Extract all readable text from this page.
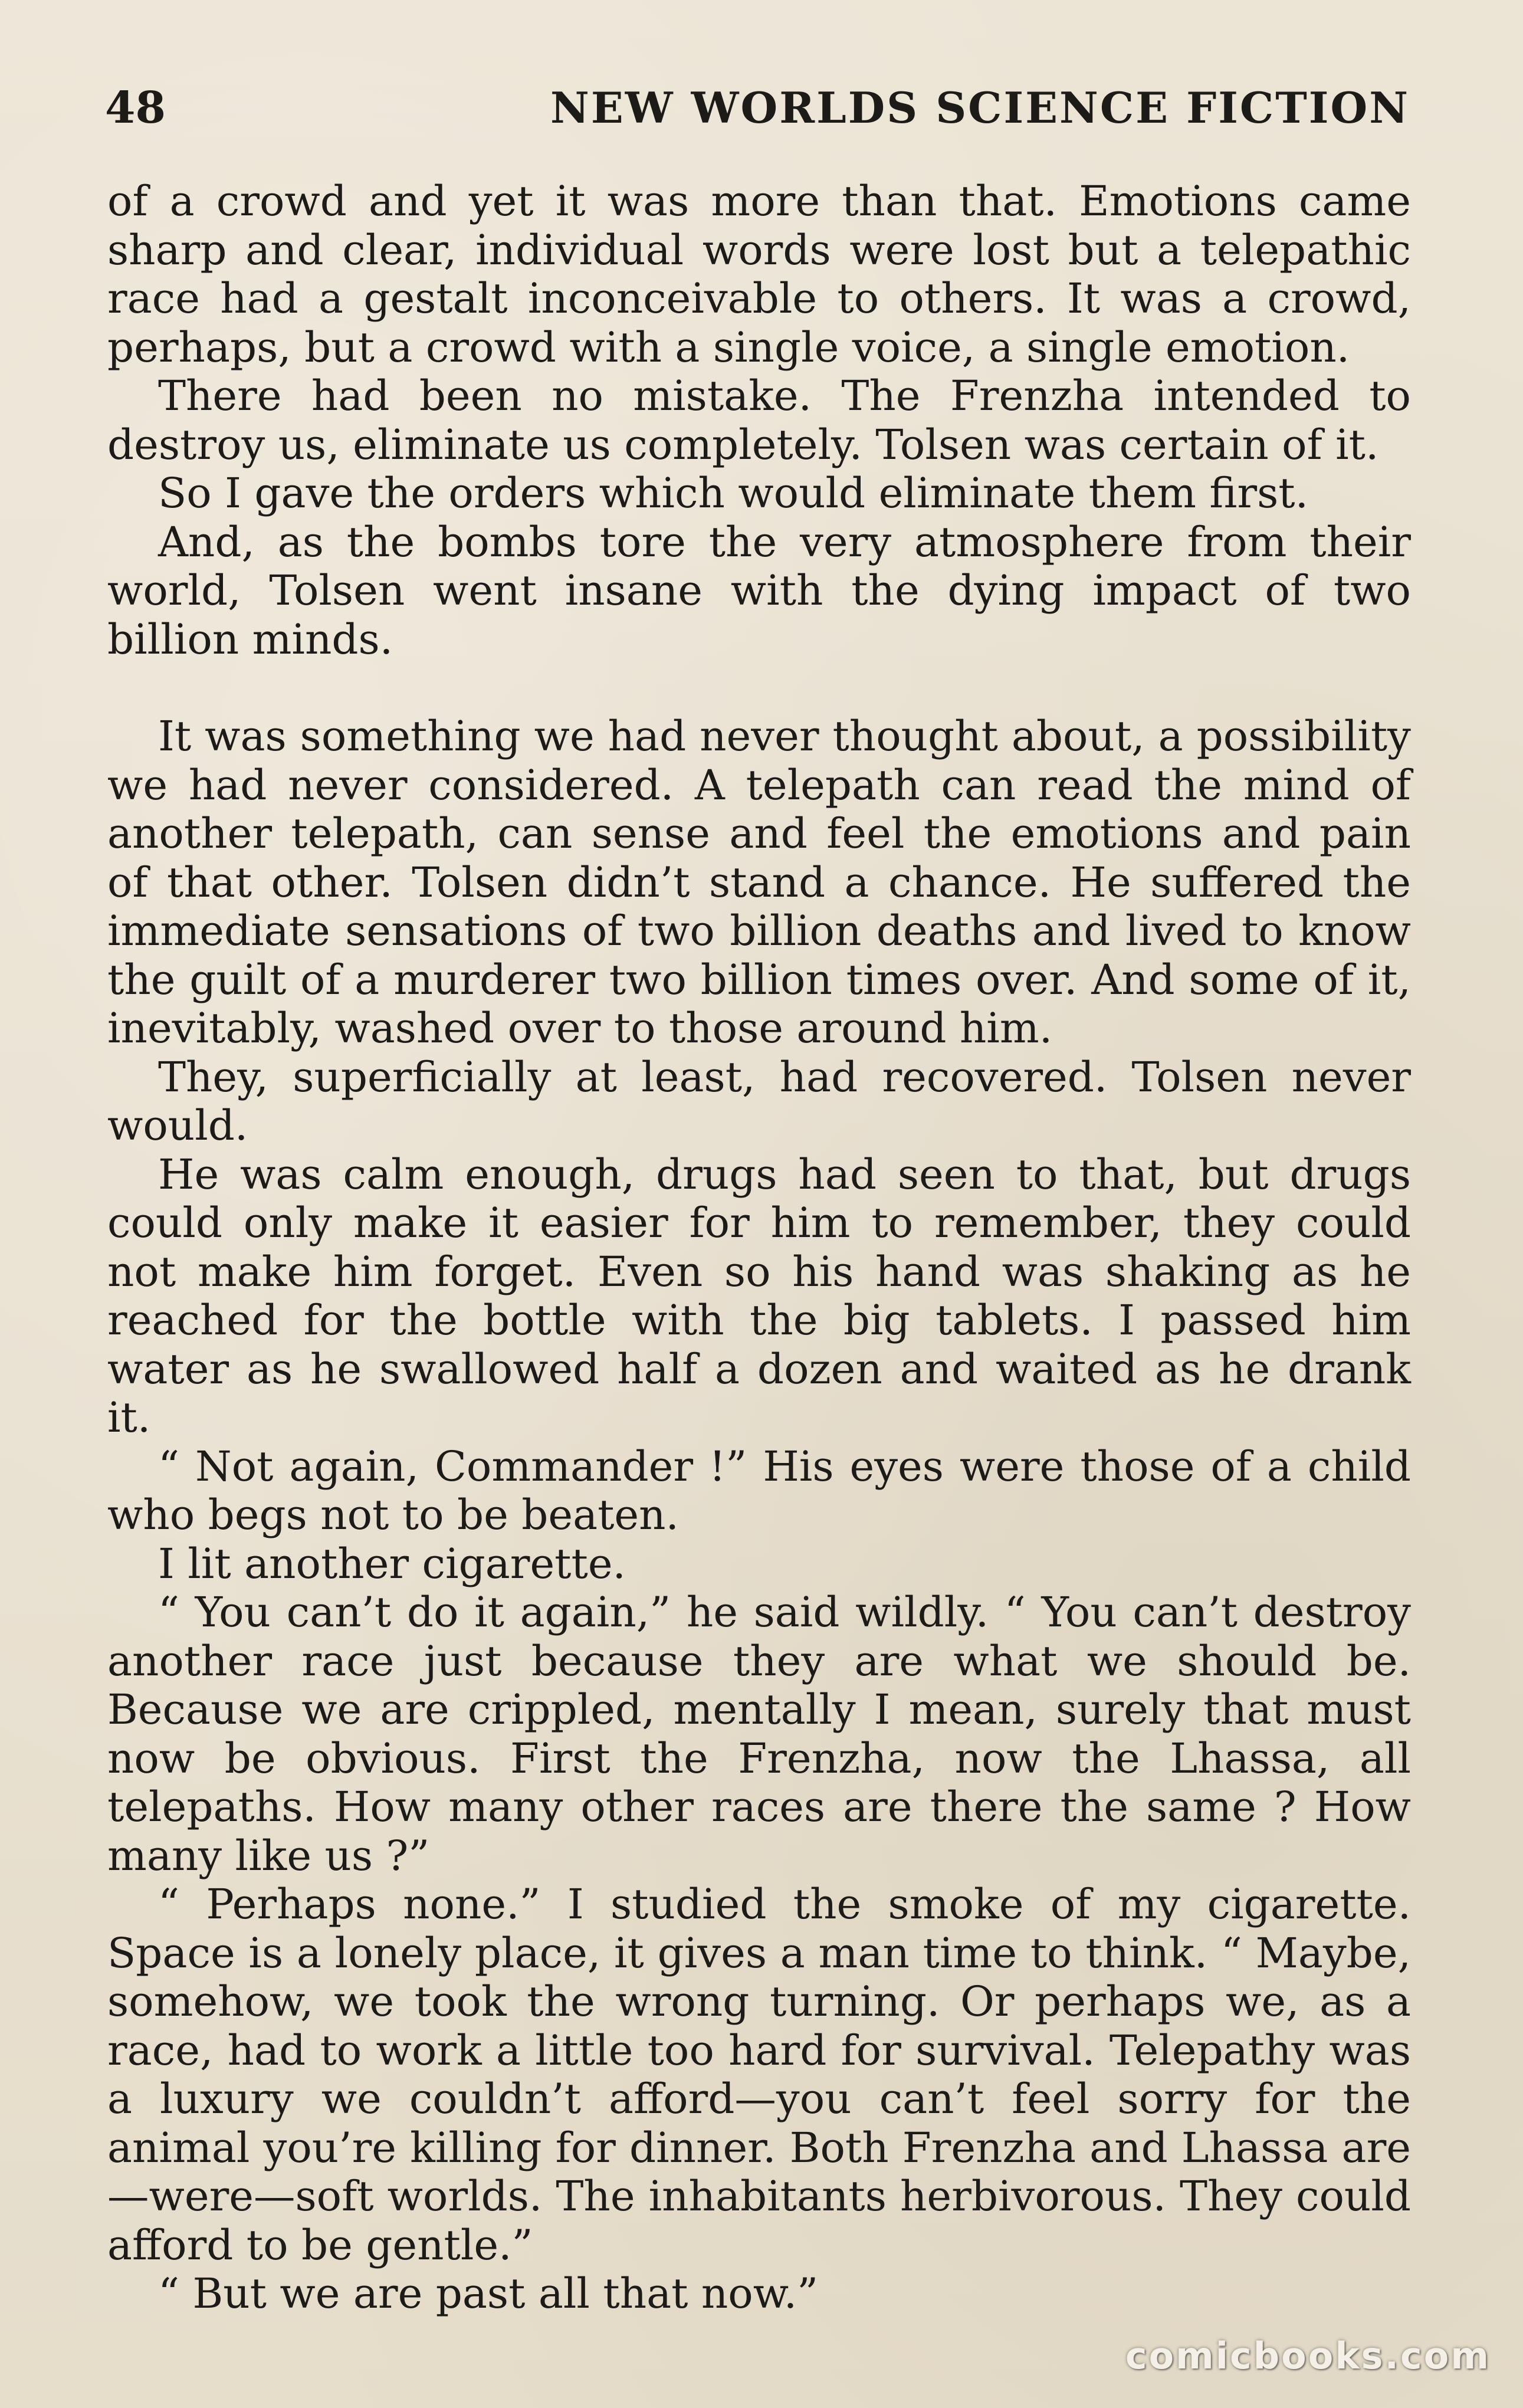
48	NEW WORLDS SCIENCE FICTION

of a crowd and yet it was more than that. Emotions came sharp and clear, individual words were lost but a telepathic race had a gestalt inconceivable to others. It was a crowd, perhaps, but a crowd with a single voice, a single emotion.

There had been no mistake. The Frenzha intended to destroy us, eliminate us completely. Tolsen was certain of it.

So I gave the orders which would eliminate them first.

And, as the bombs tore the very atmosphere from their world, Tolsen went insane with the dying impact of two billion minds.

It was something we had never thought about, a possibility we had never considered. A telepath can read the mind of another telepath, can sense and feel the emotions and pain of that other. Tolsen didn’t stand a chance. He suffered the immediate sensations of two billion deaths and lived to know the guilt of a murderer two billion times over. And some of it, inevitably, washed over to those around him.

They, superficially at least, had recovered. Tolsen never would.

He was calm enough, drugs had seen to that, but drugs could only make it easier for him to remember, they could not make him forget. Even so his hand was shaking as he reached for the bottle with the big tablets. I passed him water as he swallowed half a dozen and waited as he drank it.

“ Not again, Commander !” His eyes were those of a child who begs not to be beaten.

I lit another cigarette.

“ You can’t do it again,” he said wildly. “ You can’t destroy another race just because they are what we should be. Because we are crippled, mentally I mean, surely that must now be obvious. First the Frenzha, now the Lhassa, all telepaths. How many other races are there the same ? How many like us ?”

“ Perhaps none.” I studied the smoke of my cigarette. Space is a lonely place, it gives a man time to think. “ Maybe, somehow, we took the wrong turning. Or perhaps we, as a race, had to work a little too hard for survival. Telepathy was a luxury we couldn’t afford—you can’t feel sorry for the animal you’re killing for dinner. Both Frenzha and Lhassa are—were—soft worlds. The inhabitants herbivorous. They could afford to be gentle.”

“ But we are past all that now.”

comicbooks.com
